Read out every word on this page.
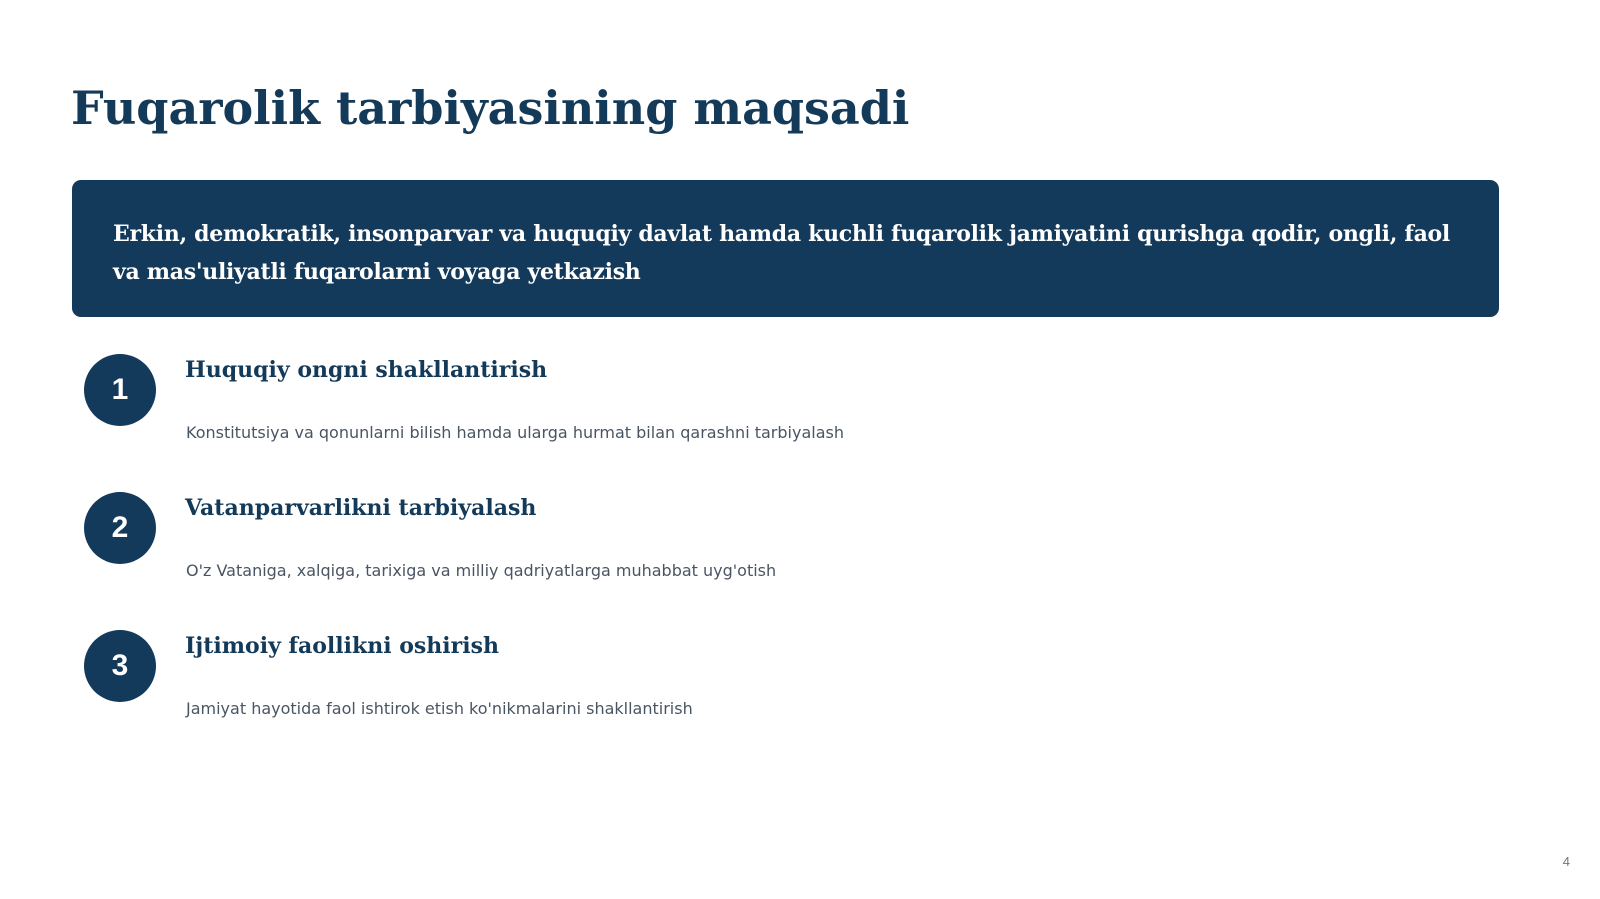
Fuqarolik tarbiyasining maqsadi

Erkin, demokratik, insonparvar va huquqiy davlat hamda kuchli fuqarolik jamiyatini qurishga qodir, ongli, faol va mas'uliyatli fuqarolarni voyaga yetkazish

1
Huquqiy ongni shakllantirish

Konstitutsiya va qonunlarni bilish hamda ularga hurmat bilan qarashni tarbiyalash

2
Vatanparvarlikni tarbiyalash

O'z Vataniga, xalqiga, tarixiga va milliy qadriyatlarga muhabbat uyg'otish

3
Ijtimoiy faollikni oshirish

Jamiyat hayotida faol ishtirok etish ko'nikmalarini shakllantirish

4
